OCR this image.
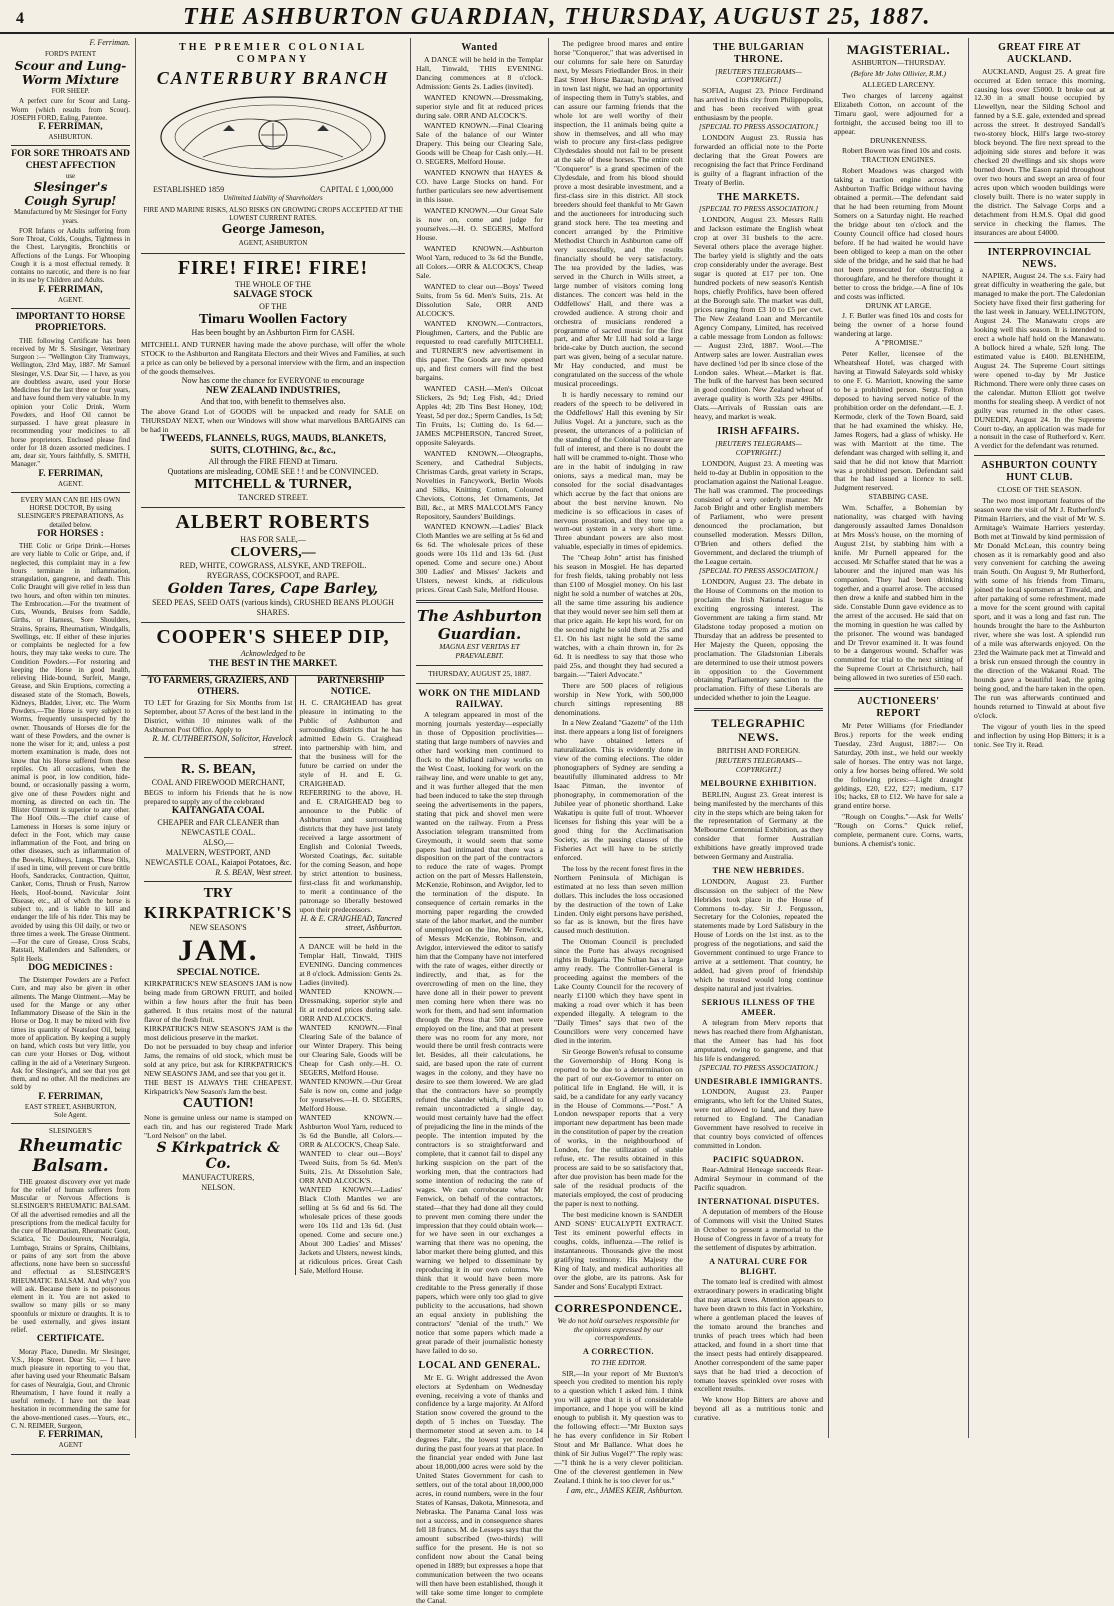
4	THE ASHBURTON GUARDIAN, THURSDAY, AUGUST 25, 1887.
F. Ferriman.
FORD'S PATENT
Scour and Lung-Worm Mixture
FOR SHEEP.

A perfect cure for Scour and Lung-Worm (which results from Scour). JOSEPH FORD, Ealing, Patentee.

F. FERRIMAN,
ASHBURTON.
FOR SORE THROATS AND CHEST AFFECTION
use
Slesinger's Cough Syrup!
Manufactured by Mr Slesinger for Forty years.

FOR Infants or Adults suffering from Sore Throat, Colds, Coughs, Tightness in the Chest, Laryngitis, Bronchitis or Affections of the Lungs. For Whooping Cough it is a most effectual remedy. It contains no narcotic, and there is no fear in its use by Children and Adults.

F. FERRIMAN,
AGENT.
IMPORTANT TO HORSE PROPRIETORS.

THE following Certificate has been received by Mr S. Slesinger, Veterinary Surgeon :— "Wellington City Tramways, Wellington, 23rd May, 1887. Mr Samuel Slesinger, V.S. Dear Sir, — I have, as you are doubtless aware, used your Horse Medicines for the last three or four years, and have found them very valuable. In my opinion your Colic Drink, Worm Powders, and Hoof Oil cannot be surpassed. I have great pleasure in recommending your medicines to all horse proprietors. Enclosed please find order for 18 dozen assorted medicines. I am, dear sir, Yours faithfully, S. SMITH, Manager."

F. FERRIMAN,
AGENT.
EVERY MAN CAN BE HIS OWN HORSE DOCTOR, By using SLESINGER'S PREPARATIONS, As detailed below.
FOR HORSES :

THE Colic or Gripe Drink.—Horses are very liable to Colic or Gripe, and, if neglected, this complaint may in a few hours terminate in inflammation, strangulation, gangrene, and death. This Colic Draught will give relief in less than two hours, and often within ten minutes. The Embrocation.—For the treatment of Cuts, Wounds, Bruises from Saddle, Girths, or Harness, Sore Shoulders, Strains, Sprains, Rheumatism, Windgalls, Swellings, etc. If either of these injuries or complaints be neglected for a few hours, they may take weeks to cure. The Condition Powders.—For restoring and keeping the Horse in good health, relieving Hide-bound, Surfeit, Mange, Grease, and Skin Eruptions, correcting a diseased state of the Stomach, Bowels, Kidneys, Bladder, Liver, etc. The Worm Powders.—The Horse is very subject to Worms, frequently unsuspected by the owner. Thousands of Horses die for the want of these Powders, and the owner is none the wiser for it; and, unless a post mortem examination is made, does not know that his Horse suffered from these reptiles. On all occasions, when the animal is poor, in low condition, hide-bound, or occasionally passing a worm, give one of these Powders night and morning, as directed on each tin. The Blister Ointment is superior to any other. The Hoof Oils.—The chief cause of Lameness in Horses is some injury or defect in the Foot, which may cause inflammation of the Foot, and bring on other diseases, such as inflammation of the Bowels, Kidneys, Lungs. These Oils, if used in time, will prevent or cure brittle Hoofs, Sandcracks, Contraction, Quittor, Canker, Corns, Thrush or Frush, Narrow Heels, Hoof-bound, Navicular Joint Disease, etc., all of which the horse is subject to, and is liable to kill and endanger the life of his rider. This may be avoided by using this Oil daily, or two or three times a week. The Grease Ointment.—For the cure of Grease, Cross Scabs, Ratstail, Mallenders and Sallenders, or Split Heels.

DOG MEDICINES :

The Distemper Powders are a Perfect Cure, and may also be given in other ailments. The Mange Ointment.—May be used for the Mange or any other Inflammatory Disease of the Skin in the Horse or Dog. It may be mixed with five times its quantity of Neatsfoot Oil, being more of application. By keeping a supply on hand, which costs but very little, you can cure your Horses or Dog, without calling in the aid of a Veterinary Surgeon. Ask for Slesinger's, and see that you get them, and no other. All the medicines are sold by

F. FERRIMAN,
EAST STREET, ASHBURTON,
Sole Agent.
SLESINGER'S
Rheumatic Balsam.

THE greatest discovery ever yet made for the relief of human sufferers from Muscular or Nervous Affections is SLESINGER'S RHEUMATIC BALSAM. Of all the advertised remedies and all the prescriptions from the medical faculty for the cure of Rheumatism, Rheumatic Gout, Sciatica, Tic Douloureux, Neuralgia, Lumbago, Strains or Sprains, Chilblains, or pains of any sort from the above affections, none have been so successful and effectual as SLESINGER'S RHEUMATIC BALSAM. And why? you will ask. Because there is no poisonous element in it. You are not asked to swallow so many pills or so many spoonfuls or mixture or draughts. It is to be used externally, and gives instant relief.

CERTIFICATE.

Moray Place, Dunedin. Mr Slesinger, V.S., Hope Street. Dear Sir, — I have much pleasure in reporting to you that, after having used your Rheumatic Balsam for cases of Neuralgia, Gout, and Chronic Rheumatism, I have found it really a useful remedy. I have not the least hesitation in recommending the same for the above-mentioned cases.—Yours, etc., C. N. REIMER, Surgeon,

F. FERRIMAN,
AGENT
THE PREMIER COLONIAL COMPANY
CANTERBURY BRANCH
ESTABLISHED 1859	CAPITAL £ 1,000,000
Unlimited Liability of Shareholders
FIRE AND MARINE RISKS, ALSO RISKS ON GROWING CROPS ACCEPTED AT THE LOWEST CURRENT RATES.
George Jameson,
AGENT, ASHBURTON
FIRE! FIRE! FIRE!
THE WHOLE OF THE
SALVAGE STOCK
OF THE
Timaru Woollen Factory
Has been bought by an Ashburton Firm for CASH.

MITCHELL AND TURNER having made the above purchase, will offer the whole STOCK to the Ashburton and Rangitata Electors and their Wives and Families, at such a price as can only be believed by a personal interview with the firm, and an inspection of the goods themselves.

Now has come the chance for EVERYONE to encourage
NEW ZEALAND INDUSTRIES,
And that too, with benefit to themselves also.

The above Grand Lot of GOODS will be unpacked and ready for SALE on THURSDAY NEXT, when our Windows will show what marvellous BARGAINS can be had in

TWEEDS, FLANNELS, RUGS, MAUDS, BLANKETS,
SUITS, CLOTHING, &c., &c.,
All through the FIRE FIEND at Timaru.
Quotations are misleading, COME SEE ! ! and be CONVINCED.
MITCHELL & TURNER,
TANCRED STREET.
ALBERT ROBERTS
HAS FOR SALE,—
CLOVERS,—
RED, WHITE, COWGRASS, ALSYKE, AND TREFOIL.
RYEGRASS, COCKSFOOT, and RAPE.
Golden Tares, Cape Barley,
SEED PEAS, SEED OATS (various kinds), CRUSHED BEANS PLOUGH SHARES.
COOPER'S SHEEP DIP,
Acknowledged to be
THE BEST IN THE MARKET.
TO FARMERS, GRAZIERS, AND OTHERS.

TO LET for Grazing for Six Months from 1st September, about 57 Acres of the best land in the District, within 10 minutes walk of the Ashburton Post Office. Apply to

R. M. CUTHBERTSON, Solicitor, Havelock street.
R. S. BEAN,
COAL AND FIREWOOD MERCHANT,

BEGS to inform his Friends that he is now prepared to supply any of the celebrated

KAITANGATA COAL
CHEAPER and FAR CLEANER than NEWCASTLE COAL.
ALSO,—
MALVERN, WESTPORT, AND NEWCASTLE COAL, Kaiapoi Potatoes, &c.
R. S. BEAN, West street.
TRY
KIRKPATRICK'S
NEW SEASON'S
JAM.
SPECIAL NOTICE.

KIRKPATRICK'S NEW SEASON'S JAM is now being made from GROWN FRUIT, and boiled within a few hours after the fruit has been gathered. It thus retains most of the natural flavor of the fresh fruit.

KIRKPATRICK'S NEW SEASON'S JAM is the most delicious preserve in the market.

Do not be persuaded to buy cheap and inferior Jams, the remains of old stock, which must be sold at any price, but ask for KIRKPATRICK'S NEW SEASON'S JAM, and see that you get it.

THE BEST IS ALWAYS THE CHEAPEST. Kirkpatrick's New Season's Jam the best.

CAUTION!

None is genuine unless our name is stamped on each tin, and has our registered Trade Mark "Lord Nelson" on the label.

S Kirkpatrick & Co.
MANUFACTURERS,
NELSON.
PARTNERSHIP NOTICE.

H. C. CRAIGHEAD has great pleasure in intimating to the Public of Ashburton and surrounding districts that he has admitted Edwin G. Craighead into partnership with him, and that the business will for the future be carried on under the style of H. and E. G. CRAIGHEAD.

REFERRING to the above, H. and E. CRAIGHEAD beg to announce to the Public of Ashburton and surrounding districts that they have just lately received a large assortment of English and Colonial Tweeds, Worsted Coatings, &c. suitable for the coming Season, and hope by strict attention to business, first-class fit and workmanship, to merit a continuance of the patronage so liberally bestowed upon their predecessors.

H. & E. CRAIGHEAD, Tancred street, Ashburton.

A DANCE will be held in the Templar Hall, Tinwald, THIS EVENING. Dancing commences at 8 o'clock. Admission: Gents 2s. Ladies (invited).

WANTED KNOWN.—Dressmaking, superior style and fit at reduced prices during sale. ORR AND ALCOCK'S.

WANTED KNOWN.—Final Clearing Sale of the balance of our Winter Drapery. This being our Clearing Sale, Goods will be Cheap for Cash only.—H. O. SEGERS, Melford House.

WANTED KNOWN.—Our Great Sale is now on, come and judge for yourselves.—H. O. SEGERS, Melford House.

WANTED KNOWN.—Ashburton Wool Yarn, reduced to 3s 6d the Bundle, all Colors.—ORR & ALCOCK'S, Cheap Sale.

WANTED to clear out—Boys' Tweed Suits, from 5s 6d. Men's Suits, 21s. At Dissolution Sale, ORR AND ALCOCK'S.

WANTED KNOWN.—Ladies' Black Cloth Mantles we are selling at 5s 6d and 6s 6d. The wholesale prices of these goods were 10s 11d and 13s 6d. (Just opened. Come and secure one.) About 300 Ladies' and Misses' Jackets and Ulsters, newest kinds, at ridiculous prices. Great Cash Sale, Melford House.

Wanted

A DANCE will be held in the Templar Hall, Tinwald, THIS EVENING. Dancing commences at 8 o'clock. Admission: Gents 2s. Ladies (invited).

WANTED KNOWN.—Dressmaking, superior style and fit at reduced prices during sale. ORR AND ALCOCK'S.

WANTED KNOWN.—Final Clearing Sale of the balance of our Winter Drapery. This being our Clearing Sale, Goods will be Cheap for Cash only.—H. O. SEGERS, Melford House.

WANTED KNOWN that HAYES & CO. have Large Stocks on hand. For further particulars see new advertisement in this issue.

WANTED KNOWN.—Our Great Sale is now on, come and judge for yourselves.—H. O. SEGERS, Melford House.

WANTED KNOWN.—Ashburton Wool Yarn, reduced to 3s 6d the Bundle, all Colors.—ORR & ALCOCK'S, Cheap Sale.

WANTED to clear out—Boys' Tweed Suits, from 5s 6d. Men's Suits, 21s. At Dissolution Sale, ORR AND ALCOCK'S.

WANTED KNOWN.—Contractors, Ploughmen, Carters, and the Public are requested to read carefully MITCHELL and TURNER'S new advertisement in this paper. The Goods are now opened up, and first comers will find the best bargains.

WANTED CASH.—Men's Oilcoat Slickers, 2s 9d; Leg Fish, 4d.; Dried Apples 4d; 2lb Tins Best Honey, 10d; Yeast, 5d per doz.; Sperm Candles, 1s 5d; Tin Fruits, 1s; Cutting do. 1s 6d.—JAMES MCPHERSON, Tancred Street, opposite Saleyards.

WANTED KNOWN.—Oleographs, Scenery, and Cathedral Subjects, Christmas Cards, great variety in Scraps, Novelties in Fancywork, Berlin Wools and Silks, Knitting Cotton, Coloured Cheviots, Cottons, Jet Ornaments, Jet Bill, &c., at MRS MALCOLM'S Fancy Repository, Saunders' Buildings.

WANTED KNOWN.—Ladies' Black Cloth Mantles we are selling at 5s 6d and 6s 6d. The wholesale prices of these goods were 10s 11d and 13s 6d. (Just opened. Come and secure one.) About 300 Ladies' and Misses' Jackets and Ulsters, newest kinds, at ridiculous prices. Great Cash Sale, Melford House.

The Ashburton Guardian.
MAGNA EST VERITAS ET PRAEVALEBIT.
THURSDAY, AUGUST 25, 1887.
WORK ON THE MIDLAND RAILWAY.

A telegram appeared in most of the morning journals yesterday—especially in those of Opposition proclivities—stating that large numbers of navvies and other hard working men continued to flock to the Midland railway works on the West Coast, looking for work on the railway line, and were unable to get any, and it was further alleged that the men had been induced to take the step through seeing the advertisements in the papers, stating that pick and shovel men were wanted on the railway. From a Press Association telegram transmitted from Greymouth, it would seem that some papers had intimated that there was a disposition on the part of the contractors to reduce the rate of wages. Prompt action on the part of Messrs Hallenstein, McKenzie, Robinson, and Avigdor, led to the termination of the dispute. In consequence of certain remarks in the morning paper regarding the crowded state of the labor market, and the number of unemployed on the line, Mr Fenwick, of Messrs McKenzie, Robinson, and Avigdor, interviewed the editor to satisfy him that the Company have not interfered with the rate of wages, either directly or indirectly, and that, as for the overcrowding of men on the line, they have done all in their power to prevent men coming here when there was no work for them, and had sent information through the Press that 500 men were employed on the line, and that at present there was no room for any more, nor would there be until fresh contracts were let. Besides, all their calculations, he said, are based upon the rate of current wages in the colony, and they have no desire to see them lowered. We are glad that the contractors have so promptly refuted the slander which, if allowed to remain uncontradicted a single day, would most certainly have had the effect of prejudicing the line in the minds of the people. The intention imputed by the contractors is so straightforward and complete, that it cannot fail to dispel any lurking suspicion on the part of the working men, that the contractors had some intention of reducing the rate of wages. We can corroborate what Mr Fenwick, on behalf of the contractors, stated—that they had done all they could to prevent men coming there under the impression that they could obtain work—for we have seen in our exchanges a warning that there was no opening, the labor market there being glutted, and this warning we helped to disseminate by reproducing it in our own columns. We think that it would have been more creditable to the Press generally if those papers, which were only too glad to give publicity to the accusations, had shown an equal anxiety in publishing the contractors' "denial of the truth." We notice that some papers which made a great parade of their journalistic honesty have failed to do so.

LOCAL AND GENERAL.

Mr E. G. Wright addressed the Avon electors at Sydenham on Wednesday evening, receiving a vote of thanks and confidence by a large majority. At Alford Station snow covered the ground to the depth of 5 inches on Tuesday. The thermometer stood at seven a.m. to 14 degrees Fahr., the lowest yet recorded during the past four years at that place. In the financial year ended with June last about 18,000,000 acres were sold by the United States Government for cash to settlers, out of the total about 18,000,000 acres, in round numbers, were in the four States of Kansas, Dakota, Minnesota, and Nebraska. The Panama Canal loss was not a success, and in consequence shares fell 18 francs. M. de Lesseps says that the amount subscribed (two-thirds) will suffice for the present. He is not so confident now about the Canal being opened in 1889; but expresses a hope that communication between the two oceans will then have been established, though it will take some time longer to complete the Canal.

The pedigree brood mares and entire horse "Conqueror," that was advertised in our columns for sale here on Saturday next, by Messrs Friedlander Bros. in their East Street Horse Bazaar, having arrived in town last night, we had an opportunity of inspecting them in Tutty's stables, and can assure our farming friends that the whole lot are well worthy of their inspection, the 11 animals being quite a show in themselves, and all who may wish to procure any first-class pedigree Clydesdales should not fail to be present at the sale of these horses. The entire colt "Conqueror" is a grand specimen of the Clydesdale, and from his blood should prove a most desirable investment, and a first-class sire in this district. All stock breeders should feel thankful to Mr Gawn and the auctioneers for introducing such grand stock here. The tea meeting and concert arranged by the Primitive Methodist Church in Ashburton came off very successfully, and the results financially should be very satisfactory. The tea provided by the ladies, was served in the Church in Wills street, a large number of visitors coming long distances. The concert was held in the Oddfellows' Hall, and there was a crowded audience. A strong choir and orchestra of musicians rendered a programme of sacred music for the first part, and after Mr Lill had sold a large bride-cake by Dutch auction, the second part was given, being of a secular nature. Mr Hay conducted, and must be congratulated on the success of the whole musical proceedings.

It is hardly necessary to remind our readers of the speech to be delivered in the Oddfellows' Hall this evening by Sir Julius Vogel. At a juncture, such as the present, the utterances of a politician of the standing of the Colonial Treasurer are full of interest, and there is no doubt the hall will be crammed to-night. Those who are in the habit of indulging in raw onions, says a medical man, may be consoled for the social disadvantages which accrue by the fact that onions are about the best nervine known. No medicine is so efficacious in cases of nervous prostration, and they tone up a worn-out system in a very short time. Three abundant powers are also most valuable, especially in times of epidemics.

The "Cheap John" artist has finished his season in Mosgiel. He has departed for fresh fields, taking probably not less than £100 of Mosgiel money. On his last night he sold a number of watches at 20s, all the same time assuring his audience that they would never see him sell them at that price again. He kept his word, for on the second night he sold them at 25s and £1. On his last night he sold the same watches, with a chain thrown in, for 2s 6d. It is needless to say that those who paid 25s, and thought they had secured a bargain.—"Taieri Advocate."

There are 500 places of religious worship in New York, with 500,000 church sittings representing 88 denominations.

In a New Zealand "Gazette" of the 11th inst. there appears a long list of foreigners who have obtained letters of naturalization. This is evidently done in view of the coming elections. The older phonographers of Sydney are sending a beautifully illuminated address to Mr Isaac Pitman, the inventor of phonography, in commemoration of the Jubilee year of phonetic shorthand. Lake Wakatipu is quite full of trout. Whoever licenses for fishing this year will be a good thing for the Acclimatisation Society, as the passing clauses of the Fisheries Act will have to be strictly enforced.

The loss by the recent forest fires in the Northern Peninsula of Michigan is estimated at no less than seven million dollars. This includes the loss occasioned by the destruction of the town of Lake Linden. Only eight persons have perished, so far as is known, but the fires have caused much destitution.

The Ottoman Council is precluded since the Porte has always recognised rights in Bulgaria. The Sultan has a large army ready. The Controller-General is proceeding against the members of the Lake County Council for the recovery of nearly £1100 which they have spent in making a road over which it has been expended illegally. A telegram to the "Daily Times" says that two of the Councillors were very concerned have died in the interim.

Sir George Bowen's refusal to consume the Governorship of Hong Kong is reported to be due to a determination on the part of our ex-Governor to enter on political life in England. He will, it is said, be a candidate for any early vacancy in the House of Commons.—"Post." A London newspaper reports that a very important new department has been made in the constitution of paper by the creation of works, in the neighbourhood of London, for the utilization of stable refuse, etc. The results obtained in this process are said to be so satisfactory that, after due provision has been made for the sale of the residual products of the materials employed, the cost of producing the paper is next to nothing.

The best medicine known is SANDER AND SONS' EUCALYPTI EXTRACT. Test its eminent powerful effects in coughs, colds, influenza.—The relief is instantaneous. Thousands give the most gratifying testimony. His Majesty the King of Italy, and medical authorities all over the globe, are its patrons. Ask for Sander and Sons' Eucalypti Extract.

CORRESPONDENCE.
We do not hold ourselves responsible for the opinions expressed by our correspondents.
A CORRECTION.
TO THE EDITOR.

SIR,—In your report of Mr Buxton's speech you credited to mention his reply to a question which I asked him. I think you will agree that it is of considerable importance, and I hope you will be kind enough to publish it. My question was to the following effect:—"Mr Buxton says he has every confidence in Sir Robert Stout and Mr Ballance. What does he think of Sir Julius Vogel?" The reply was:—"I think he is a very clever politician. One of the cleverest gentlemen in New Zealand. I think he is too clever for us."

I am, etc., JAMES KEIR, Ashburton.
THE BULGARIAN THRONE.
[REUTER'S TELEGRAMS—COPYRIGHT.]

SOFIA, August 23. Prince Ferdinand has arrived in this city from Philippopolis, and has been received with great enthusiasm by the people.

[SPECIAL TO PRESS ASSOCIATION.]

LONDON August 23. Russia has forwarded an official note to the Porte declaring that the Great Powers are recognising the fact that Prince Ferdinand is guilty of a flagrant infraction of the Treaty of Berlin.

THE MARKETS.
[SPECIAL TO PRESS ASSOCIATION.]

LONDON, August 23. Messrs Ralli and Jackson estimate the English wheat crop at over 31 bushels to the acre. Several others place the average higher. The barley yield is slightly and the oats crop considerably under the average. Best sugar is quoted at £17 per ton. One hundred pockets of new season's Kentish hops, chiefly Prolifics, have been offered at the Borough sale. The market was dull, prices ranging from £3 10 to £5 per cwt. The New Zealand Loan and Mercantile Agency Company, Limited, has received a cable message from London as follows:— August 23rd, 1887. Wool.—The Antwerp sales are lower. Australian ewes have declined ½d per lb since close of the London sales. Wheat.—Market is flat. The bulk of the harvest has been secured in good condition. New Zealand wheat of average quality is worth 32s per 496lbs. Oats.—Arrivals of Russian oats are heavy, and market is weak.

IRISH AFFAIRS.
[REUTER'S TELEGRAMS—COPYRIGHT.]

LONDON, August 23. A meeting was held to-day at Dublin in opposition to the proclamation against the National League. The hall was crammed. The proceedings consisted of a very orderly manner. Mr Jacob Bright and other English members of Parliament, who were present denounced the proclamation, but counselled moderation. Messrs Dillon, O'Brien and others defied the Government, and declared the triumph of the League certain.

[SPECIAL TO PRESS ASSOCIATION.]

LONDON, August 23. The debate in the House of Commons on the motion to proclaim the Irish National League is exciting engrossing interest. The Government are taking a firm stand. Mr Gladstone today proposed a motion on Thursday that an address be presented to Her Majesty the Queen, opposing the proclamation. The Gladstonian Liberals are determined to use their utmost powers in opposition to the Government obtaining Parliamentary sanction to the proclamation. Fifty of these Liberals are undecided whether to join the League.

TELEGRAPHIC NEWS.
BRITISH AND FOREIGN.
[REUTER'S TELEGRAMS—COPYRIGHT.]
MELBOURNE EXHIBITION.

BERLIN, August 23. Great interest is being manifested by the merchants of this city in the steps which are being taken for the representation of Germany at the Melbourne Centennial Exhibition, as they consider that former Australian exhibitions have greatly improved trade between Germany and Australia.

THE NEW HEBRIDES.

LONDON, August 23. Further discussion on the subject of the New Hebrides took place in the House of Commons to-day. Sir J. Fergusson, Secretary for the Colonies, repeated the statements made by Lord Salisbury in the House of Lords on the 1st inst. as to the progress of the negotiations, and said the Government continued to urge France to arrive at a settlement. That country, he added, had given proof of friendship which he trusted would long continue despite natural and just rivalries.

SERIOUS ILLNESS OF THE AMEER.

A telegram from Merv reports that news has reached there from Afghanistan, that the Ameer has had his foot amputated, owing to gangrene, and that his life is endangered.

[SPECIAL TO PRESS ASSOCIATION.]
UNDESIRABLE IMMIGRANTS.

LONDON, August 23. Pauper emigrants, who left for the United States, were not allowed to land, and they have returned to England. The Canadian Government have resolved to receive in that country boys convicted of offences committed in London.

PACIFIC SQUADRON.

Rear-Admiral Heneage succeeds Rear-Admiral Seymour in command of the Pacific squadron.

INTERNATIONAL DISPUTES.

A deputation of members of the House of Commons will visit the United States in October to present a memorial to the House of Congress in favor of a treaty for the settlement of disputes by arbitration.

A NATURAL CURE FOR BLIGHT.

The tomato leaf is credited with almost extraordinary powers in eradicating blight that may attack trees. Attention appears to have been drawn to this fact in Yorkshire, where a gentleman placed the leaves of the tomato around the branches and trunks of peach trees which had been attacked, and found in a short time that the insect pests had entirely disappeared. Another correspondent of the same paper says that he had tried a decoction of tomato leaves sprinkled over roses with excellent results.

We know Hop Bitters are above and beyond all as a nutritious tonic and curative.

MAGISTERIAL.
ASHBURTON—THURSDAY.
(Before Mr John Ollivier, R.M.)
ALLEGED LARCENY.

Two charges of larceny against Elizabeth Cotton, on account of the Timaru gaol, were adjourned for a fortnight, the accused being too ill to appear.

DRUNKENNESS.

Robert Bowen was fined 10s and costs.

TRACTION ENGINES.

Robert Meadows was charged with taking a traction engine across the Ashburton Traffic Bridge without having obtained a permit.—The defendant said that he had been returning from Mount Somers on a Saturday night. He reached the bridge about ten o'clock and the County Council office had closed hours before. If he had waited he would have been obliged to keep a man on the other side of the bridge, and he said that he had not been prosecuted for obstructing a thoroughfare, and he therefore thought it better to cross the bridge.—A fine of 10s and costs was inflicted.

DRUNK AT LARGE.

J. F. Butler was fined 10s and costs for being the owner of a horse found wandering at large.

A "PROMISE."

Peter Keller, licensee of the Wheatsheaf Hotel, was charged with having at Tinwald Saleyards sold whisky to one F. G. Marriott, knowing the same to be a prohibited person. Sergt. Felton deposed to having served notice of the prohibition order on the defendant.—E. J. Kermode, clerk of the Town Board, said that he had examined the whisky. He, James Rogers, had a glass of whisky. He was with Marriott at the time. The defendant was charged with selling it, and said that he did not know that Marriott was a prohibited person. Defendant said that he had issued a licence to sell. Judgment reserved.

STABBING CASE.

Wm. Schaffer, a Bohemian by nationality, was charged with having dangerously assaulted James Donaldson at Mrs Moss's house, on the morning of August 21st, by stabbing him with a knife. Mr Purnell appeared for the accused. Mr Schaffer stated that he was a labourer and the injured man was his companion. They had been drinking together, and a quarrel arose. The accused then drew a knife and stabbed him in the side. Constable Dunn gave evidence as to the arrest of the accused. He said that on the morning in question he was called by the prisoner. The wound was bandaged and Dr Trevor examined it. It was found to be a dangerous wound. Schaffer was committed for trial to the next sitting of the Supreme Court at Christchurch, bail being allowed in two sureties of £50 each.

AUCTIONEERS' REPORT

Mr Peter Williams (for Friedlander Bros.) reports for the week ending Tuesday, 23rd August, 1887:— On Saturday, 20th inst., we held our weekly sale of horses. The entry was not large, only a few horses being offered. We sold the following prices:—Light draught geldings, £20, £22, £27; medium, £17 10s; hacks, £8 to £12. We have for sale a grand entire horse.

"Rough on Coughs."—Ask for Wells' "Rough on Corns." Quick relief, complete, permanent cure. Corns, warts, bunions. A chemist's tonic.

GREAT FIRE AT AUCKLAND.

AUCKLAND, August 25. A great fire occurred at Eden terrace this morning, causing loss over £5000. It broke out at 12.30 in a small house occupied by Llewellyn, near the Silding School and fanned by a S.E. gale, extended and spread across the street. It destroyed Sandall's two-storey block, Hill's large two-storey block beyond. The fire next spread to the adjoining side stores and before it was checked 20 dwellings and six shops were burned down. The Eason rapid throughout over two hours and swept an area of four acres upon which wooden buildings were closely built. There is no water supply in the district. The Salvage Corps and a detachment from H.M.S. Opal did good service in checking the flames. The insurances are about £4000.

INTERPROVINCIAL NEWS.

NAPIER, August 24. The s.s. Fairy had great difficulty in weathering the gale, but managed to make the port. The Caledonian Society have fixed their first gathering for the last week in January. WELLINGTON, August 24. The Manawatu crops are looking well this season. It is intended to erect a whole half hold on the Manawatu. A bullock hired a whale, 52ft long. The estimated value is £400. BLENHEIM, August 24. The Supreme Court sittings were opened to-day by Mr Justice Richmond. There were only three cases on the calendar. Mutton Elliott got twelve months for stealing sheep. A verdict of not guilty was returned in the other cases. DUNEDIN, August 24. In the Supreme Court to-day, an application was made for a nonsuit in the case of Rutherford v. Kerr. A verdict for the defendant was returned.

ASHBURTON COUNTY HUNT CLUB.
CLOSE OF THE SEASON.

The two most important features of the season were the visit of Mr J. Rutherford's Pitmain Harriers, and the visit of Mr W. S. Armitage's Waimate Harriers yesterday. Both met at Tinwald by kind permission of Mr Donald McLean, this country being chosen as it is remarkably good and also very convenient for catching the aweing train South. On August 9, Mr Rutherford, with some of his friends from Timaru, joined the local sportsmen at Tinwald, and after partaking of some refreshment, made a move for the scent ground with capital sport, and it was a long and fast run. The hounds brought the hare to the Ashburton river, where she was lost. A splendid run of a mile was afterwards enjoyed. On the 23rd the Waimate pack met at Tinwald and a brisk run ensued through the country in the direction of the Wakanui Road. The hounds gave a beautiful lead, the going being good, and the hare taken in the open. The run was afterwards continued and hounds returned to Tinwald at about five o'clock.

The vigour of youth lies in the speed and inflection by using Hop Bitters; it is a tonic. See Try it. Read.
